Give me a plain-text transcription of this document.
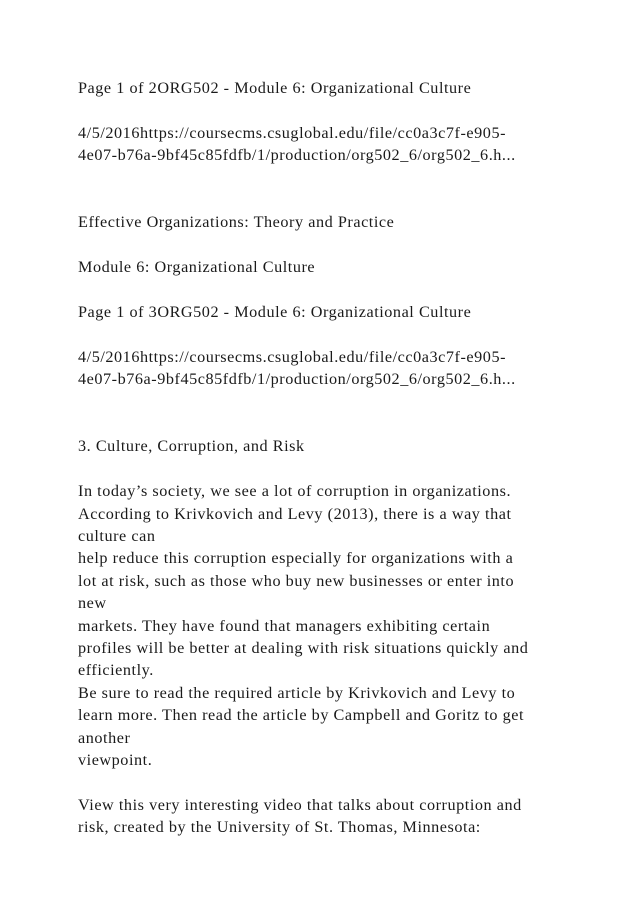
Page 1 of 2ORG502 - Module 6: Organizational Culture
4/5/2016https://coursecms.csuglobal.edu/file/cc0a3c7f-e905-
4e07-b76a-9bf45c85fdfb/1/production/org502_6/org502_6.h...
Effective Organizations: Theory and Practice
Module 6: Organizational Culture
Page 1 of 3ORG502 - Module 6: Organizational Culture
4/5/2016https://coursecms.csuglobal.edu/file/cc0a3c7f-e905-
4e07-b76a-9bf45c85fdfb/1/production/org502_6/org502_6.h...
3. Culture, Corruption, and Risk
In today’s society, we see a lot of corruption in organizations.
According to Krivkovich and Levy (2013), there is a way that
culture can
help reduce this corruption especially for organizations with a
lot at risk, such as those who buy new businesses or enter into
new
markets. They have found that managers exhibiting certain
profiles will be better at dealing with risk situations quickly and
efficiently.
Be sure to read the required article by Krivkovich and Levy to
learn more. Then read the article by Campbell and Goritz to get
another
viewpoint.
View this very interesting video that talks about corruption and
risk, created by the University of St. Thomas, Minnesota:
